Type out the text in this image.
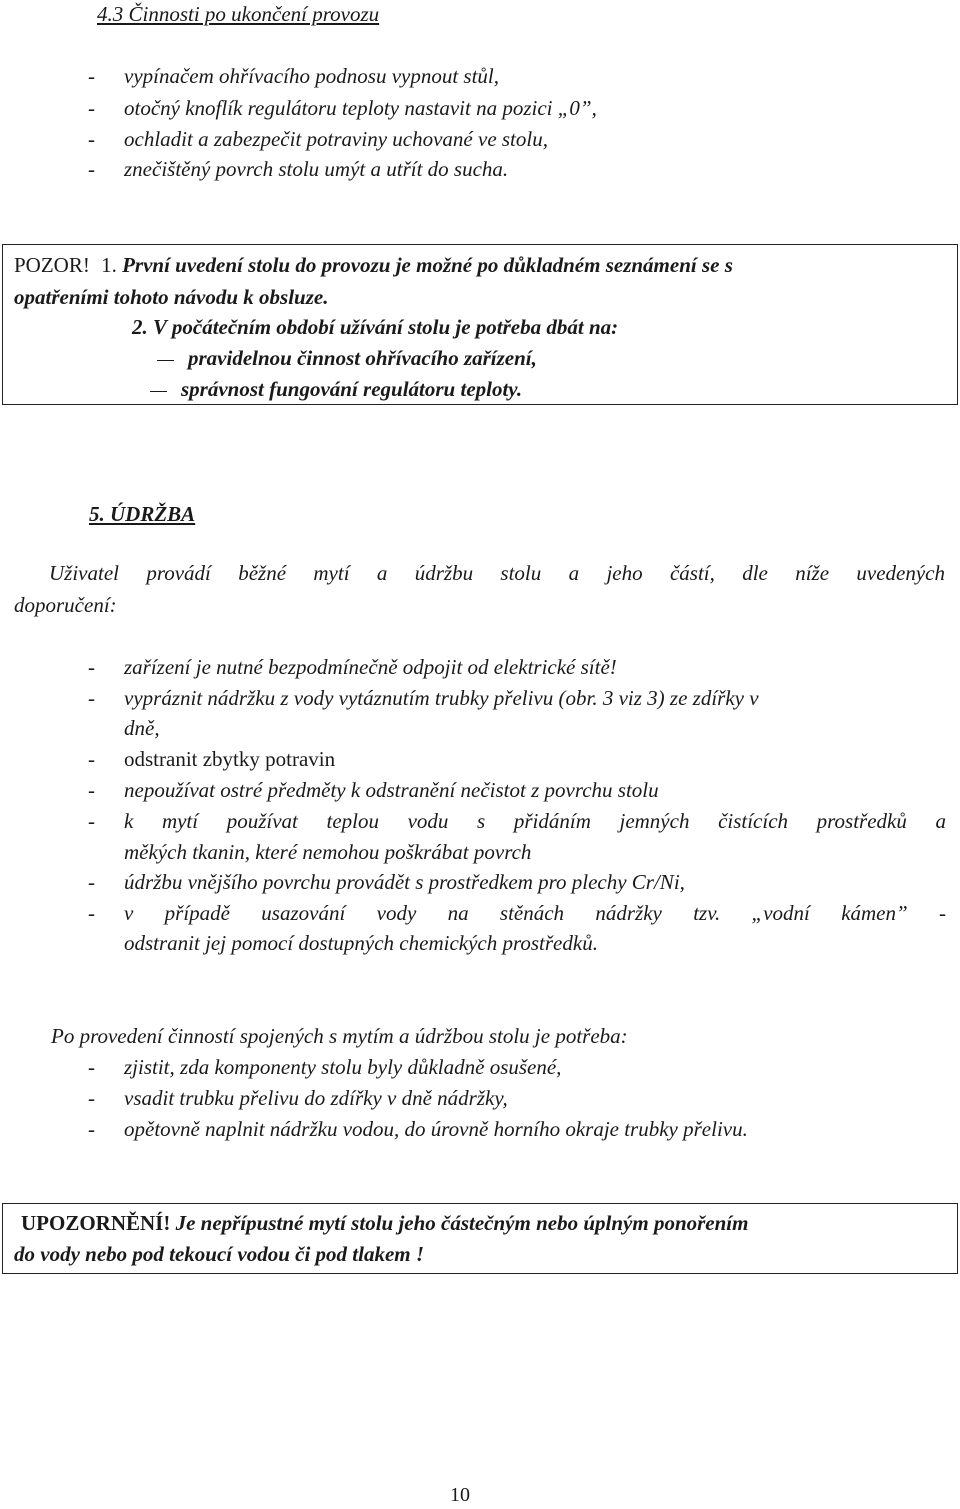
4.3 Činnosti po ukončení provozu
- vypínačem ohřívacího podnosu vypnout stůl,
- otočný knoflík regulátoru teploty nastavit na pozici „0”,
- ochladit a zabezpečit potraviny uchované ve stolu,
- znečištěný povrch stolu umýt a utřít do sucha.
POZOR! 1. První uvedení stolu do provozu je možné po důkladném seznámení se s
opatřeními tohoto návodu k obsluze.
2. V počátečním období užívání stolu je potřeba dbát na:
pravidelnou činnost ohřívacího zařízení,
správnost fungování regulátoru teploty.
5. ÚDRŽBA
Uživatel provádí běžné mytí a údržbu stolu a jeho částí, dle níže uvedených
doporučení:
- zařízení je nutné bezpodmínečně odpojit od elektrické sítě!
- vypráznit nádržku z vody vytáznutím trubky přelivu (obr. 3 viz 3) ze zdířky v
dně,
- odstranit zbytky potravin
- nepoužívat ostré předměty k odstranění nečistot z povrchu stolu
- k mytí používat teplou vodu s přidáním jemných čistících prostředků a
měkých tkanin, které nemohou poškrábat povrch
- údržbu vnějšího povrchu provádět s prostředkem pro plechy Cr/Ni,
- v případě usazování vody na stěnách nádržky tzv. „vodní kámen” -
odstranit jej pomocí dostupných chemických prostředků.
Po provedení činností spojených s mytím a údržbou stolu je potřeba:
- zjistit, zda komponenty stolu byly důkladně osušené,
- vsadit trubku přelivu do zdířky v dně nádržky,
- opětovně naplnit nádržku vodou, do úrovně horního okraje trubky přelivu.
UPOZORNĚNÍ! Je nepřípustné mytí stolu jeho částečným nebo úplným ponořením
do vody nebo pod tekoucí vodou či pod tlakem !
10
